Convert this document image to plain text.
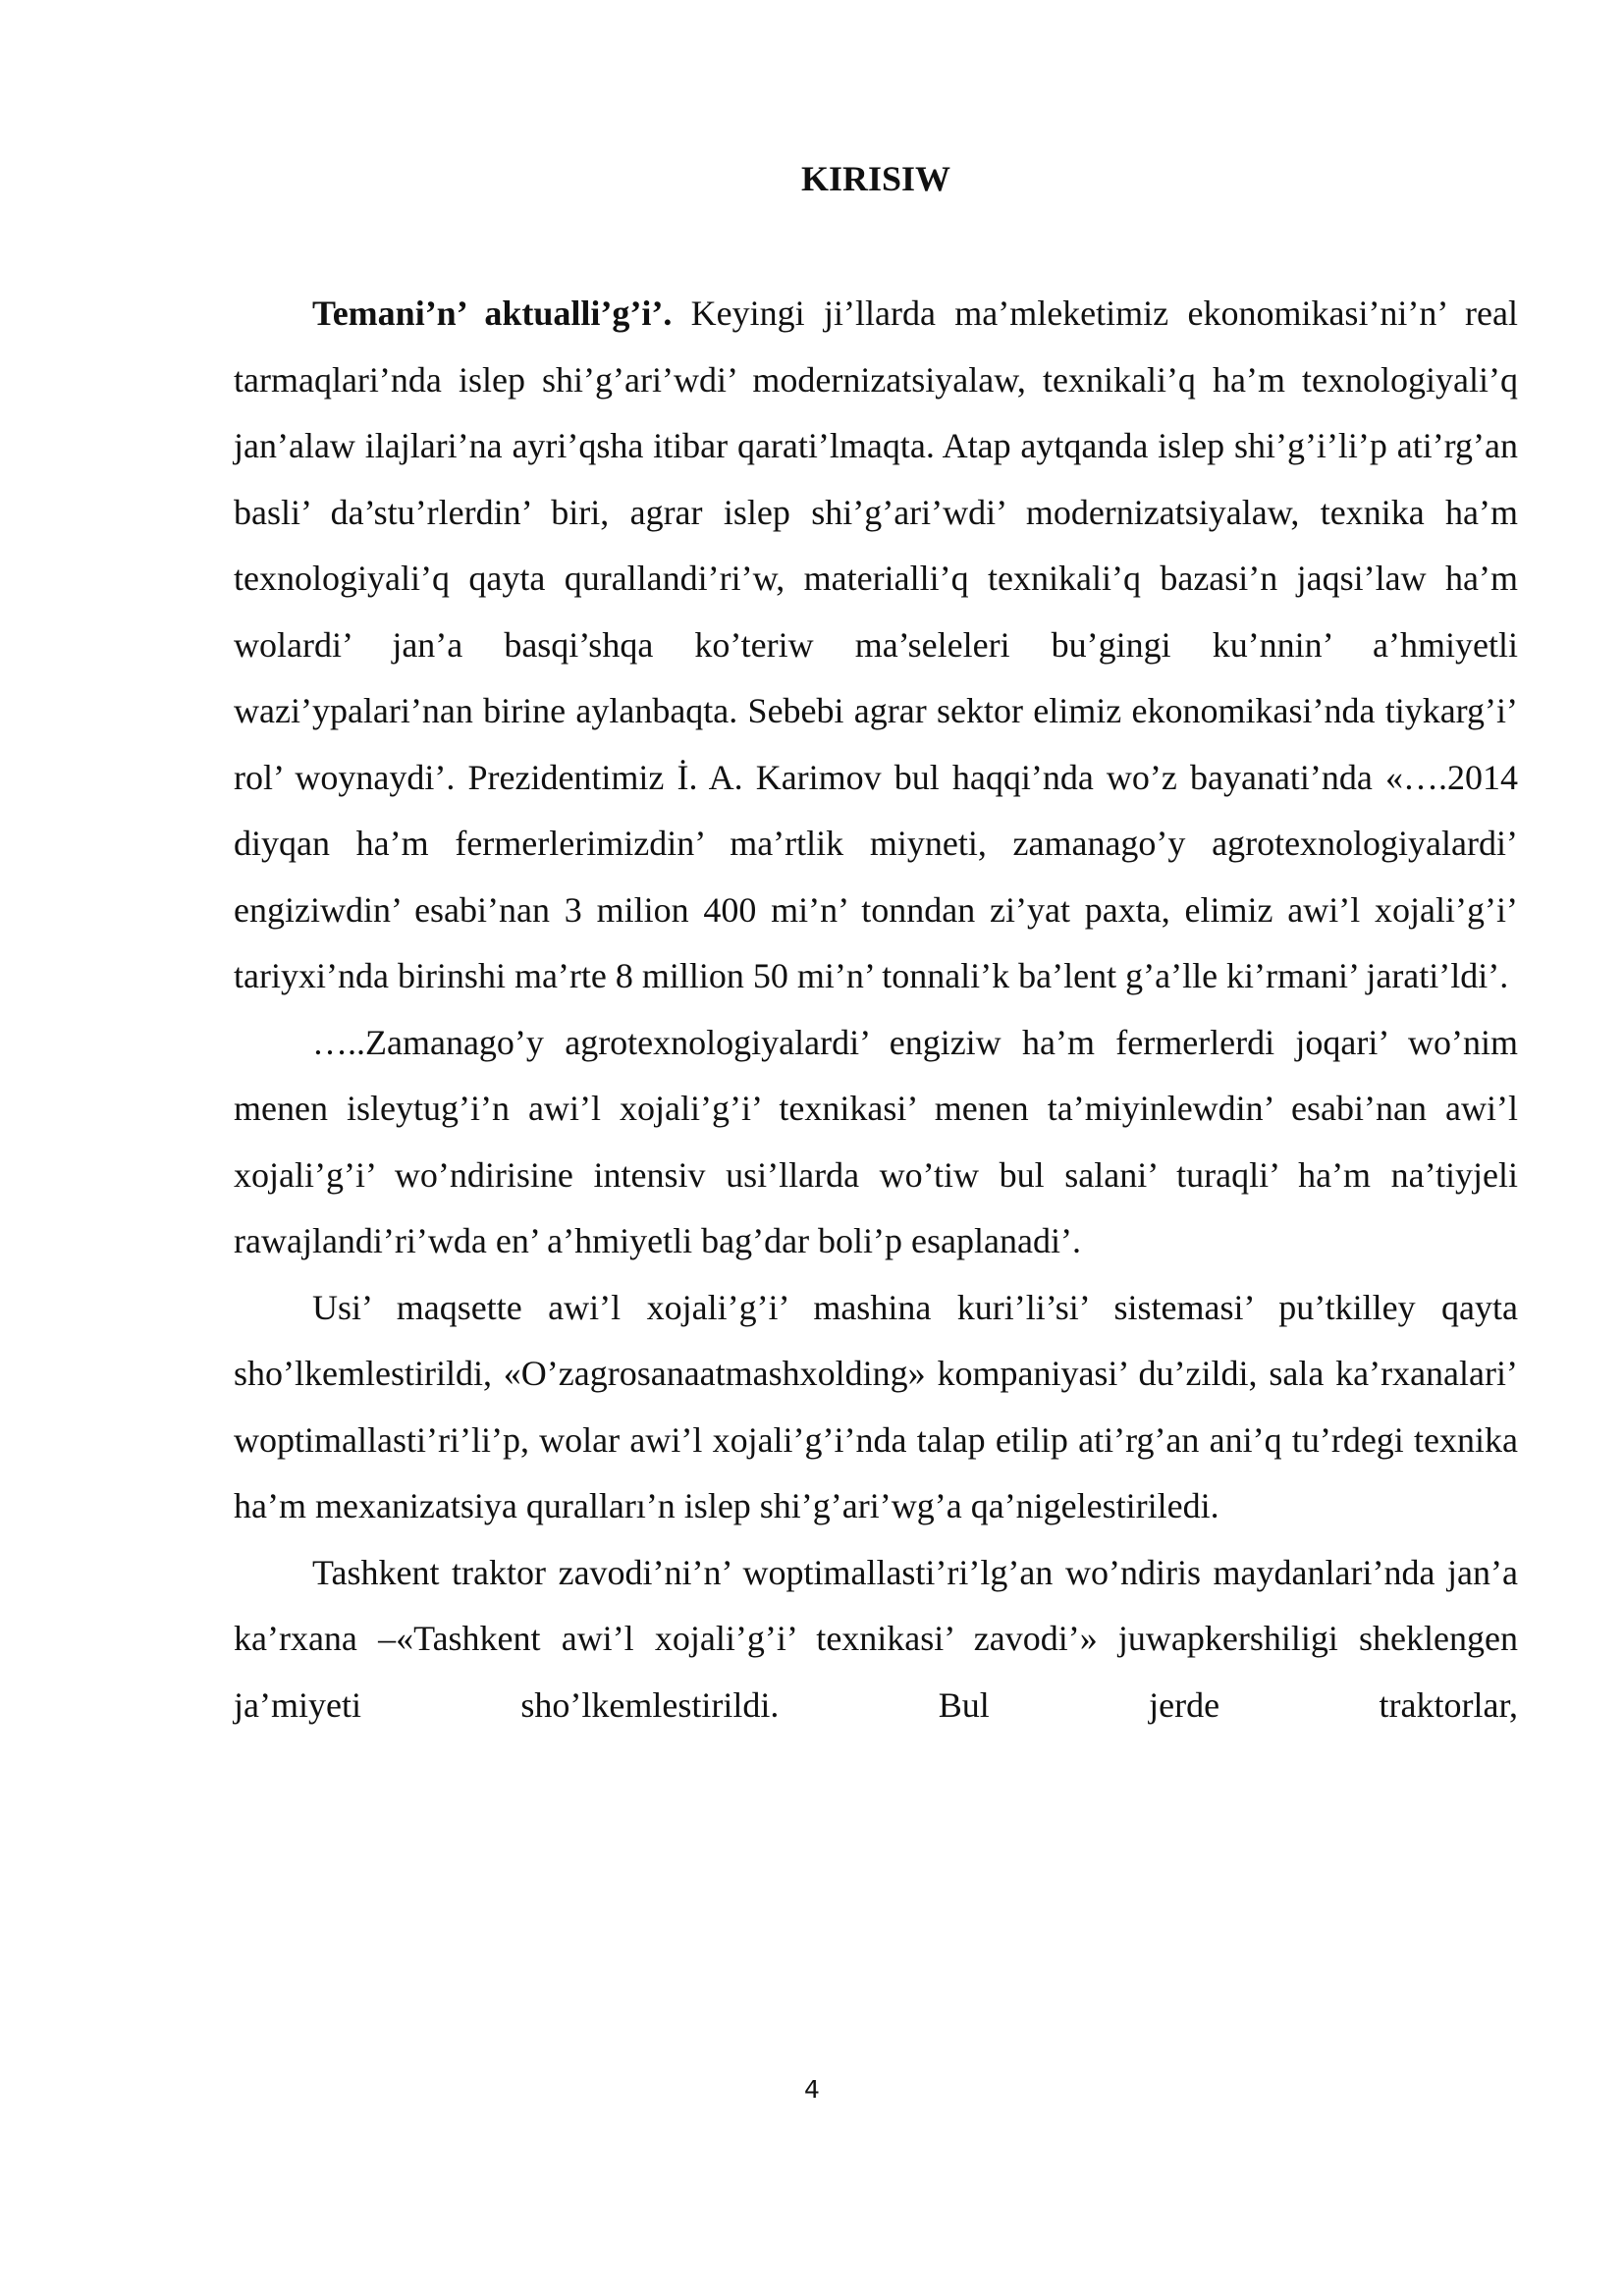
KIRISIW

Temani’n’ aktualli’g’i’. Keyingi ji’llarda ma’mleketimiz ekonomikasi’ni’n’ real tarmaqlari’nda islep shi’g’ari’wdi’ modernizatsiyalaw, texnikali’q ha’m texnologiyali’q jan’alaw ilajlari’na ayri’qsha itibar qarati’lmaqta. Atap aytqanda islep shi’g’i’li’p ati’rg’an basli’ da’stu’rlerdin’ biri, agrar islep shi’g’ari’wdi’ modernizatsiyalaw, texnika ha’m texnologiyali’q qayta qurallandi’ri’w, materialli’q texnikali’q bazasi’n jaqsi’law ha’m wolardi’ jan’a basqi’shqa ko’teriw ma’seleleri bu’gingi ku’nnin’ a’hmiyetli wazi’ypalari’nan birine aylanbaqta. Sebebi agrar sektor elimiz ekonomikasi’nda tiykarg’i’ rol’ woynaydi’. Prezidentimiz İ. A. Karimov bul haqqi’nda wo’z bayanati’nda «….2014 diyqan ha’m fermerlerimizdin’ ma’rtlik miyneti, zamanago’y agrotexnologiyalardi’ engiziwdin’ esabi’nan 3 milion 400 mi’n’ tonndan zi’yat paxta, elimiz awi’l xojali’g’i’ tariyxi’nda birinshi ma’rte 8 million 50 mi’n’ tonnali’k ba’lent g’a’lle ki’rmani’ jarati’ldi’.

…..Zamanago’y agrotexnologiyalardi’ engiziw ha’m fermerlerdi joqari’ wo’nim menen isleytug’i’n awi’l xojali’g’i’ texnikasi’ menen ta’miyinlewdin’ esabi’nan awi’l xojali’g’i’ wo’ndirisine intensiv usi’llarda wo’tiw bul salani’ turaqli’ ha’m na’tiyjeli rawajlandi’ri’wda en’ a’hmiyetli bag’dar boli’p esaplanadi’.

Usi’ maqsette awi’l xojali’g’i’ mashina kuri’li’si’ sistemasi’ pu’tkilley qayta sho’lkemlestirildi, «O’zagrosanaatmashxolding» kompaniyasi’ du’zildi, sala ka’rxanalari’ woptimallasti’ri’li’p, wolar awi’l xojali’g’i’nda talap etilip ati’rg’an ani’q tu’rdegi texnika ha’m mexanizatsiya quralları’n islep shi’g’ari’wg’a qa’nigelestiriledi.

Tashkent traktor zavodi’ni’n’ woptimallasti’ri’lg’an wo’ndiris maydanlari’nda jan’a ka’rxana –«Tashkent awi’l xojali’g’i’ texnikasi’ zavodi’» juwapkershiligi sheklengen ja’miyeti sho’lkemlestirildi. Bul jerde traktorlar,

4
